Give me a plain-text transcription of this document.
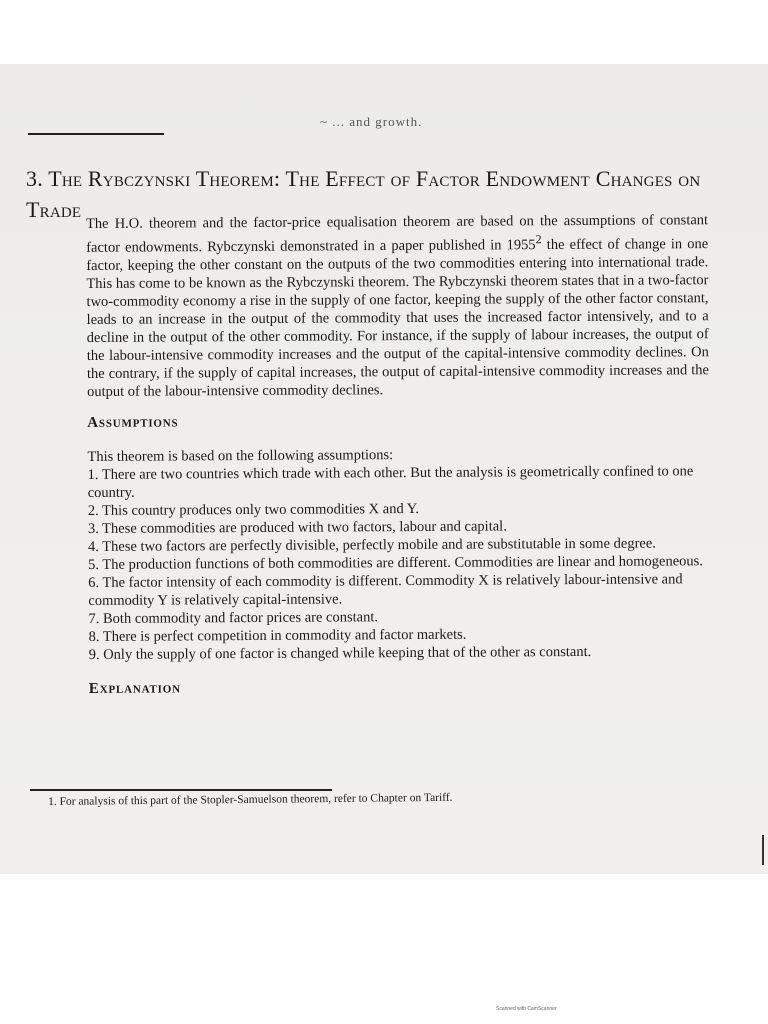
~ ... and growth.
3. The Rybczynski Theorem: The Effect of Factor Endowment Changes on Trade

The H.O. theorem and the factor-price equalisation theorem are based on the assumptions of constant factor endowments. Rybczynski demonstrated in a paper published in 1955$^2$ the effect of change in one factor, keeping the other constant on the outputs of the two commodities entering into international trade. This has come to be known as the Rybczynski theorem. The Rybczynski theorem states that in a two-factor two-commodity economy a rise in the supply of one factor, keeping the supply of the other factor constant, leads to an increase in the output of the commodity that uses the increased factor intensively, and to a decline in the output of the other commodity. For instance, if the supply of labour increases, the output of the labour-intensive commodity increases and the output of the capital-intensive commodity declines. On the contrary, if the supply of capital increases, the output of capital-intensive commodity increases and the output of the labour-intensive commodity declines.

Assumptions

This theorem is based on the following assumptions:

1. There are two countries which trade with each other. But the analysis is geometrically confined to one country.
2. This country produces only two commodities X and Y.
3. These commodities are produced with two factors, labour and capital.
4. These two factors are perfectly divisible, perfectly mobile and are substitutable in some degree.
5. The production functions of both commodities are different. Commodities are linear and homogeneous.
6. The factor intensity of each commodity is different. Commodity X is relatively labour-intensive and commodity Y is relatively capital-intensive.
7. Both commodity and factor prices are constant.
8. There is perfect competition in commodity and factor markets.
9. Only the supply of one factor is changed while keeping that of the other as constant.
Explanation
1. For analysis of this part of the Stopler-Samuelson theorem, refer to Chapter on Tariff.
Scanned with CamScanner
